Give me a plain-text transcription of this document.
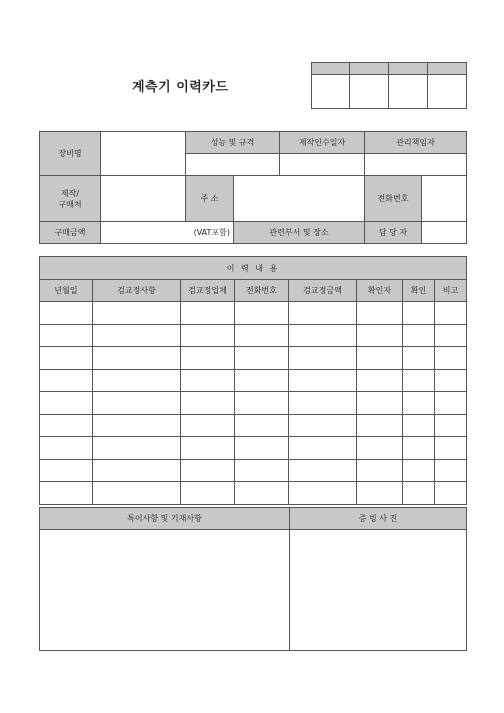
계측기 이력카드

장비명		성능 및 규격		제작인수일자	관리책임자	

제작/
구매처		주 소			전화번호	
구매금액	(VAT포함)		관련부서 및 장소		담 당 자	
이 력 내 용							
년월일	검교정사항	검교정업체	전화번호	검교정금액	확인자	확인	비고

특이사항 및 기재사항	증 빙 사 진
